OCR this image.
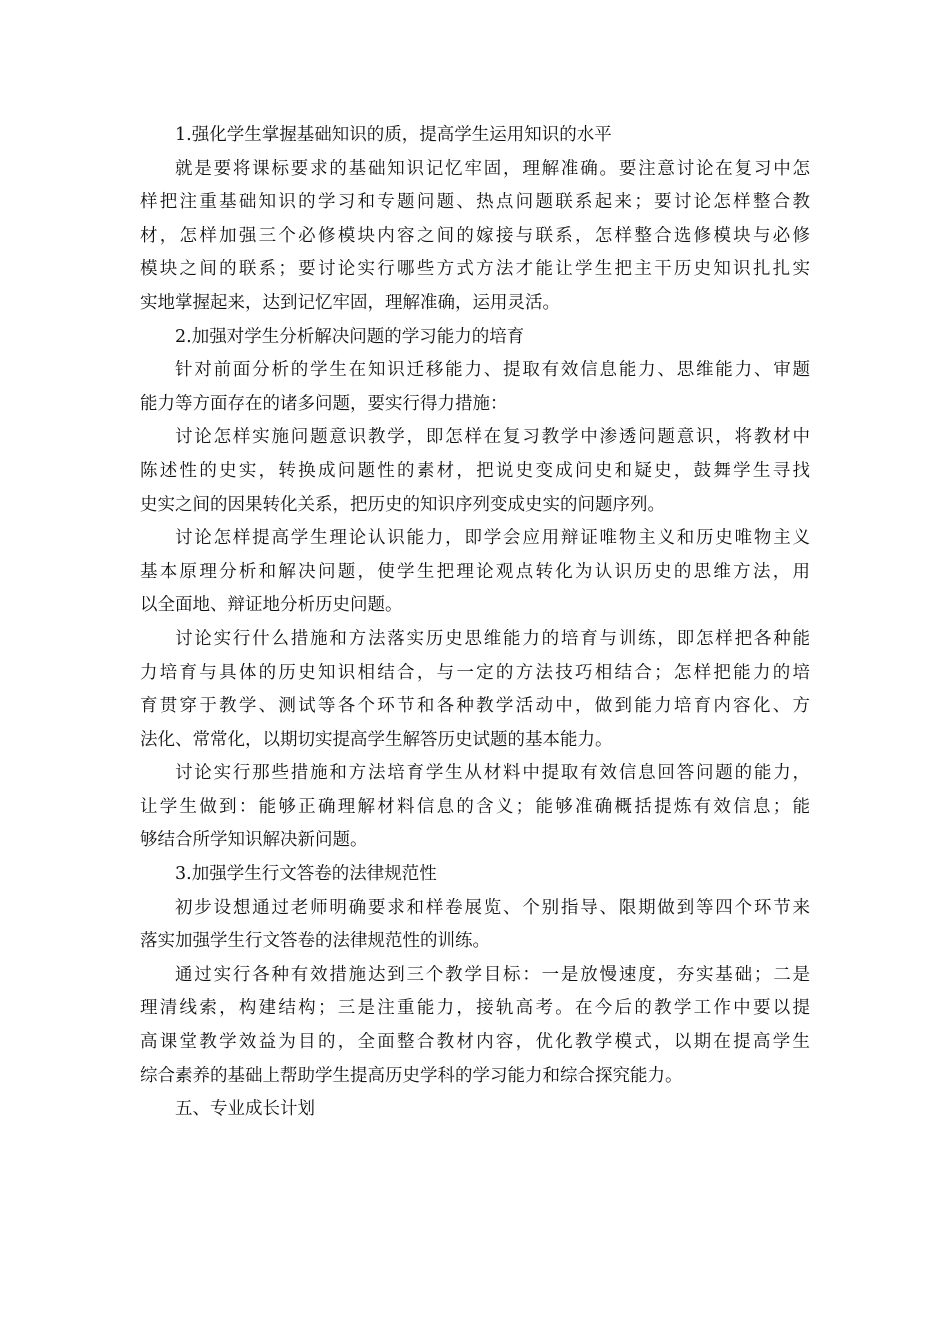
1.强化学生掌握基础知识的质，提高学生运用知识的水平
就是要将课标要求的基础知识记忆牢固，理解准确。要注意讨论在复习中怎
样把注重基础知识的学习和专题问题、热点问题联系起来；要讨论怎样整合教
材，怎样加强三个必修模块内容之间的嫁接与联系，怎样整合选修模块与必修
模块之间的联系；要讨论实行哪些方式方法才能让学生把主干历史知识扎扎实
实地掌握起来，达到记忆牢固，理解准确，运用灵活。
2.加强对学生分析解决问题的学习能力的培育
针对前面分析的学生在知识迁移能力、提取有效信息能力、思维能力、审题
能力等方面存在的诸多问题，要实行得力措施：
讨论怎样实施问题意识教学，即怎样在复习教学中渗透问题意识，将教材中
陈述性的史实，转换成问题性的素材，把说史变成问史和疑史，鼓舞学生寻找
史实之间的因果转化关系，把历史的知识序列变成史实的问题序列。
讨论怎样提高学生理论认识能力，即学会应用辩证唯物主义和历史唯物主义
基本原理分析和解决问题，使学生把理论观点转化为认识历史的思维方法，用
以全面地、辩证地分析历史问题。
讨论实行什么措施和方法落实历史思维能力的培育与训练，即怎样把各种能
力培育与具体的历史知识相结合，与一定的方法技巧相结合；怎样把能力的培
育贯穿于教学、测试等各个环节和各种教学活动中，做到能力培育内容化、方
法化、常常化，以期切实提高学生解答历史试题的基本能力。
讨论实行那些措施和方法培育学生从材料中提取有效信息回答问题的能力，
让学生做到：能够正确理解材料信息的含义；能够准确概括提炼有效信息；能
够结合所学知识解决新问题。
3.加强学生行文答卷的法律规范性
初步设想通过老师明确要求和样卷展览、个别指导、限期做到等四个环节来
落实加强学生行文答卷的法律规范性的训练。
通过实行各种有效措施达到三个教学目标：一是放慢速度，夯实基础；二是
理清线索，构建结构；三是注重能力，接轨高考。在今后的教学工作中要以提
高课堂教学效益为目的，全面整合教材内容，优化教学模式，以期在提高学生
综合素养的基础上帮助学生提高历史学科的学习能力和综合探究能力。
五、专业成长计划
